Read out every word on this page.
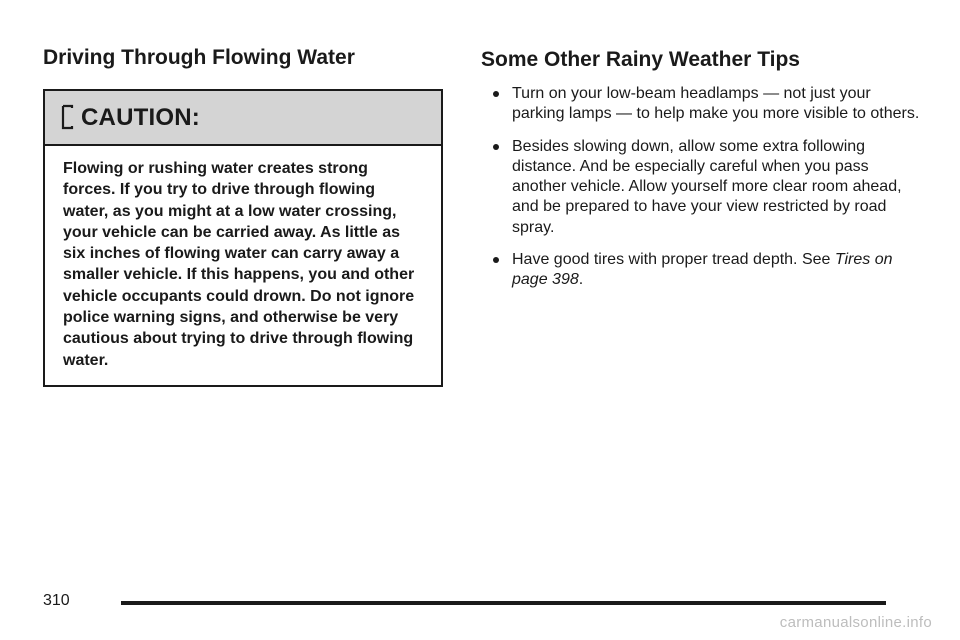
Driving Through Flowing Water
CAUTION:
Flowing or rushing water creates strong forces. If you try to drive through flowing water, as you might at a low water crossing, your vehicle can be carried away. As little as six inches of flowing water can carry away a smaller vehicle. If this happens, you and other vehicle occupants could drown. Do not ignore police warning signs, and otherwise be very cautious about trying to drive through flowing water.
Some Other Rainy Weather Tips
Turn on your low-beam headlamps — not just your parking lamps — to help make you more visible to others.
Besides slowing down, allow some extra following distance. And be especially careful when you pass another vehicle. Allow yourself more clear room ahead, and be prepared to have your view restricted by road spray.
Have good tires with proper tread depth. See Tires on page 398.
310
carmanualsonline.info
